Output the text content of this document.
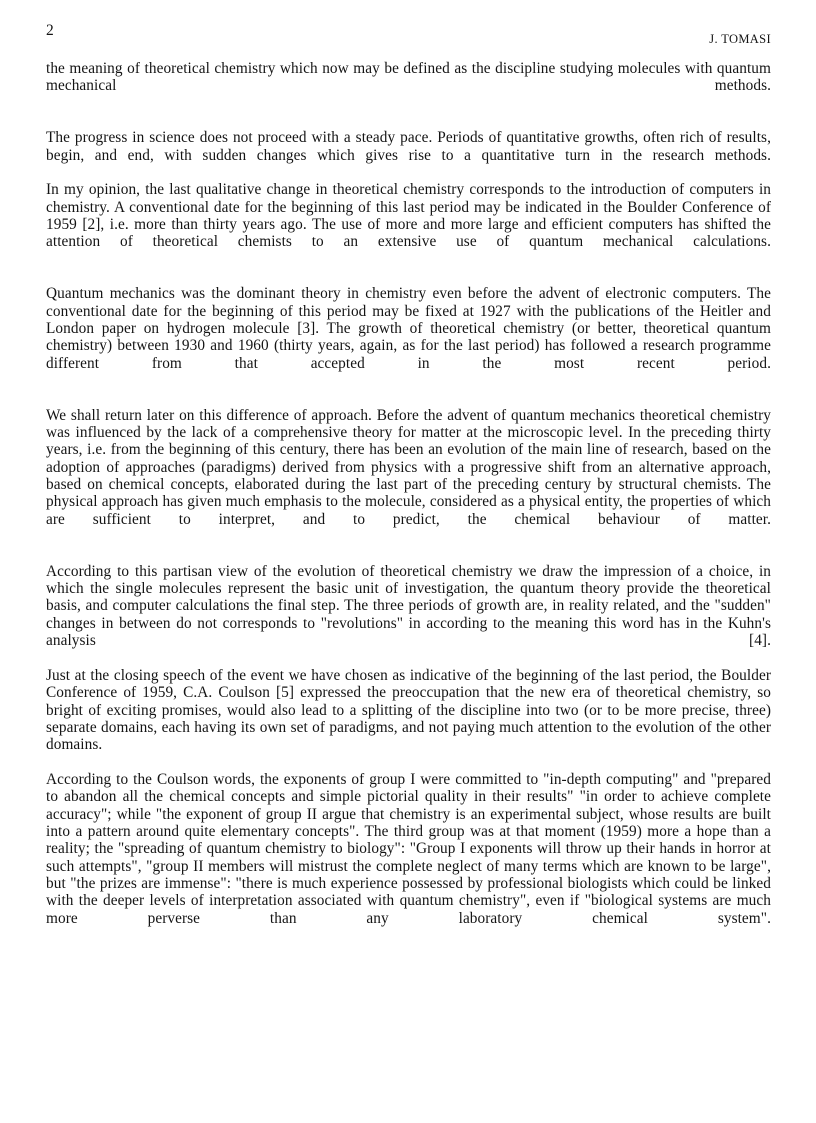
2	J. TOMASI

the meaning of theoretical chemistry which now may be defined as the discipline studying molecules with quantum mechanical methods.

The progress in science does not proceed with a steady pace. Periods of quantitative growths, often rich of results, begin, and end, with sudden changes which gives rise to a quantitative turn in the research methods.

In my opinion, the last qualitative change in theoretical chemistry corresponds to the introduction of computers in chemistry. A conventional date for the beginning of this last period may be indicated in the Boulder Conference of 1959 [2], i.e. more than thirty years ago. The use of more and more large and efficient computers has shifted the attention of theoretical chemists to an extensive use of quantum mechanical calculations.

Quantum mechanics was the dominant theory in chemistry even before the advent of electronic computers. The conventional date for the beginning of this period may be fixed at 1927 with the publications of the Heitler and London paper on hydrogen molecule [3]. The growth of theoretical chemistry (or better, theoretical quantum chemistry) between 1930 and 1960 (thirty years, again, as for the last period) has followed a research programme different from that accepted in the most recent period.

We shall return later on this difference of approach. Before the advent of quantum mechanics theoretical chemistry was influenced by the lack of a comprehensive theory for matter at the microscopic level. In the preceding thirty years, i.e. from the beginning of this century, there has been an evolution of the main line of research, based on the adoption of approaches (paradigms) derived from physics with a progressive shift from an alternative approach, based on chemical concepts, elaborated during the last part of the preceding century by structural chemists. The physical approach has given much emphasis to the molecule, considered as a physical entity, the properties of which are sufficient to interpret, and to predict, the chemical behaviour of matter.

According to this partisan view of the evolution of theoretical chemistry we draw the impression of a choice, in which the single molecules represent the basic unit of investigation, the quantum theory provide the theoretical basis, and computer calculations the final step. The three periods of growth are, in reality related, and the "sudden" changes in between do not corresponds to "revolutions" in according to the meaning this word has in the Kuhn's analysis [4].

Just at the closing speech of the event we have chosen as indicative of the beginning of the last period, the Boulder Conference of 1959, C.A. Coulson [5] expressed the preoccupation that the new era of theoretical chemistry, so bright of exciting promises, would also lead to a splitting of the discipline into two (or to be more precise, three) separate domains, each having its own set of paradigms, and not paying much attention to the evolution of the other domains.

According to the Coulson words, the exponents of group I were committed to "in-depth computing" and "prepared to abandon all the chemical concepts and simple pictorial quality in their results" "in order to achieve complete accuracy"; while "the exponent of group II argue that chemistry is an experimental subject, whose results are built into a pattern around quite elementary concepts". The third group was at that moment (1959) more a hope than a reality; the "spreading of quantum chemistry to biology": "Group I exponents will throw up their hands in horror at such attempts", "group II members will mistrust the complete neglect of many terms which are known to be large", but "the prizes are immense": "there is much experience possessed by professional biologists which could be linked with the deeper levels of interpretation associated with quantum chemistry", even if "biological systems are much more perverse than any laboratory chemical system".
